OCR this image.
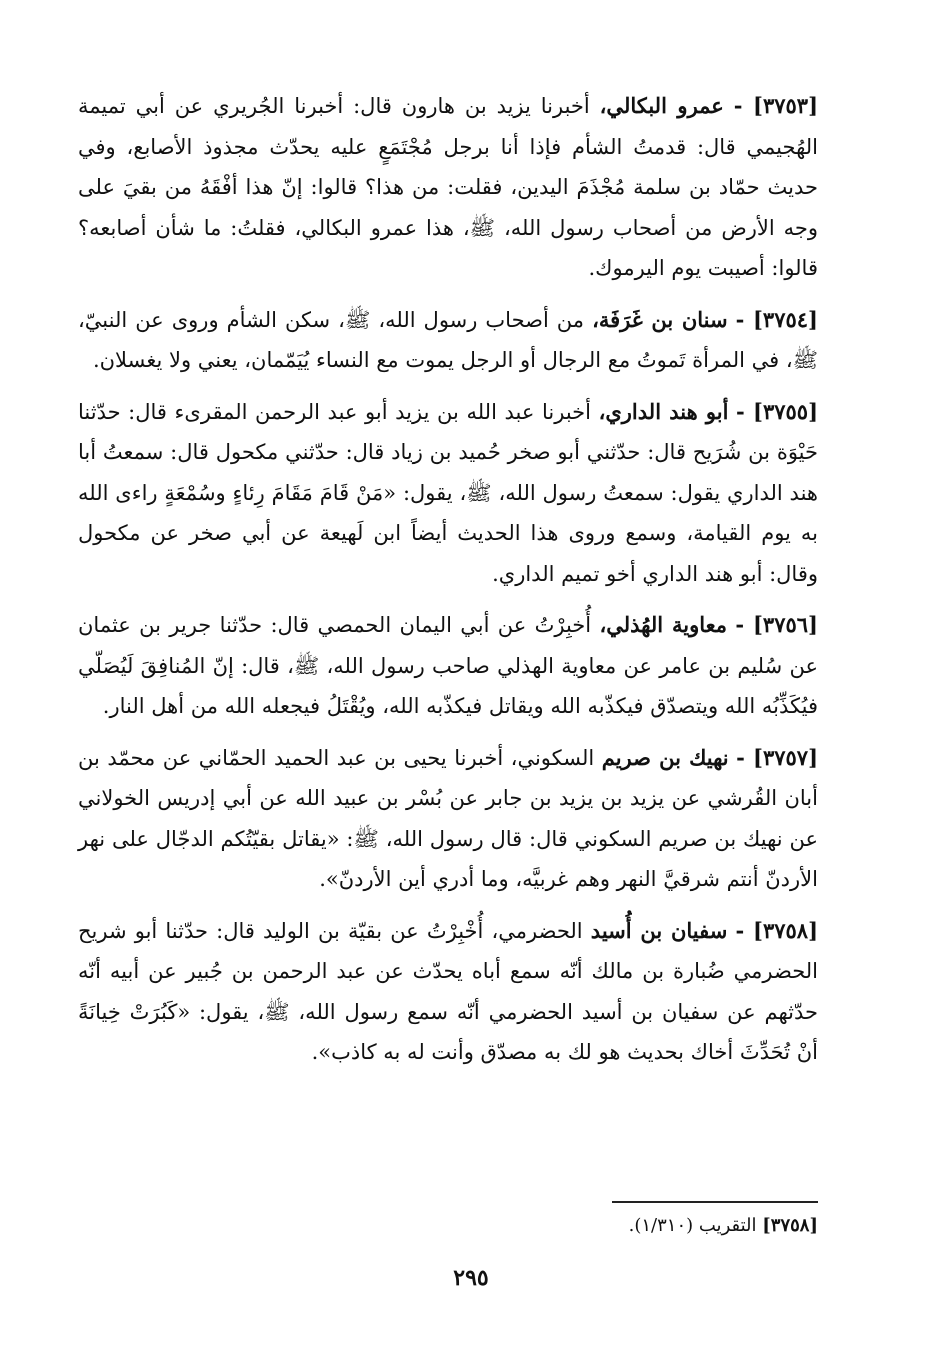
[٣٧٥٣] - عمرو البكالي، أخبرنا يزيد بن هارون قال: أخبرنا الجُريري عن أبي تميمة الهُجيمي قال: قدمتُ الشأم فإذا أنا برجل مُجْتَمَعٍ عليه يحدّث مجذوذ الأصابع، وفي حديث حمّاد بن سلمة مُجْذَمَ اليدين، فقلت: من هذا؟ قالوا: إنّ هذا أفْقَهُ من بقيَ على وجه الأرض من أصحاب رسول الله، ﷺ، هذا عمرو البكالي، فقلتُ: ما شأن أصابعه؟ قالوا: أصيبت يوم اليرموك.

[٣٧٥٤] - سنان بن غَرَفَة، من أصحاب رسول الله، ﷺ، سكن الشأم وروى عن النبيّ، ﷺ، في المرأة تَموتُ مع الرجال أو الرجل يموت مع النساء يُيَمّمان، يعني ولا يغسلان.

[٣٧٥٥] - أبو هند الداري، أخبرنا عبد الله بن يزيد أبو عبد الرحمن المقرىء قال: حدّثنا حَيْوَة بن شُرَيح قال: حدّثني أبو صخر حُميد بن زياد قال: حدّثني مكحول قال: سمعتُ أبا هند الداري يقول: سمعتُ رسول الله، ﷺ، يقول: «مَنْ قَامَ مَقَامَ رِئاءٍ وسُمْعَةٍ راءى الله به يوم القيامة، وسمع وروى هذا الحديث أيضاً ابن لَهيعة عن أبي صخر عن مكحول وقال: أبو هند الداري أخو تميم الداري.

[٣٧٥٦] - معاوية الهُذلي، أُخبِرْتُ عن أبي اليمان الحمصي قال: حدّثنا جرير بن عثمان عن سُليم بن عامر عن معاوية الهذلي صاحب رسول الله، ﷺ، قال: إنّ المُنافِقَ لَيُصَلّي فيُكَذِّبُه الله ويتصدّق فيكذّبه الله ويقاتل فيكذّبه الله، ويُقْتَلُ فيجعله الله من أهل النار.

[٣٧٥٧] - نهيك بن صريم السكوني، أخبرنا يحيى بن عبد الحميد الحمّاني عن محمّد بن أبان القُرشي عن يزيد بن يزيد بن جابر عن بُسْر بن عبيد الله عن أبي إدريس الخولاني عن نهيك بن صريم السكوني قال: قال رسول الله، ﷺ: «يقاتل بقيّتُكم الدجّال على نهر الأردنّ أنتم شرقيَّ النهر وهم غربيَّه، وما أدري أين الأردنّ».

[٣٧٥٨] - سفيان بن أُسيد الحضرمي، أُخْبِرْتُ عن بقيّة بن الوليد قال: حدّثنا أبو شريح الحضرمي ضُبارة بن مالك أنّه سمع أباه يحدّث عن عبد الرحمن بن جُبير عن أبيه أنّه حدّثهم عن سفيان بن أسيد الحضرمي أنّه سمع رسول الله، ﷺ، يقول: «كَبُرَتْ خِيانَةً أنْ تُحَدِّثَ أخاك بحديث هو لك به مصدّق وأنت له به كاذب».

[٣٧٥٨] التقريب (١/٣١٠).
٢٩٥
